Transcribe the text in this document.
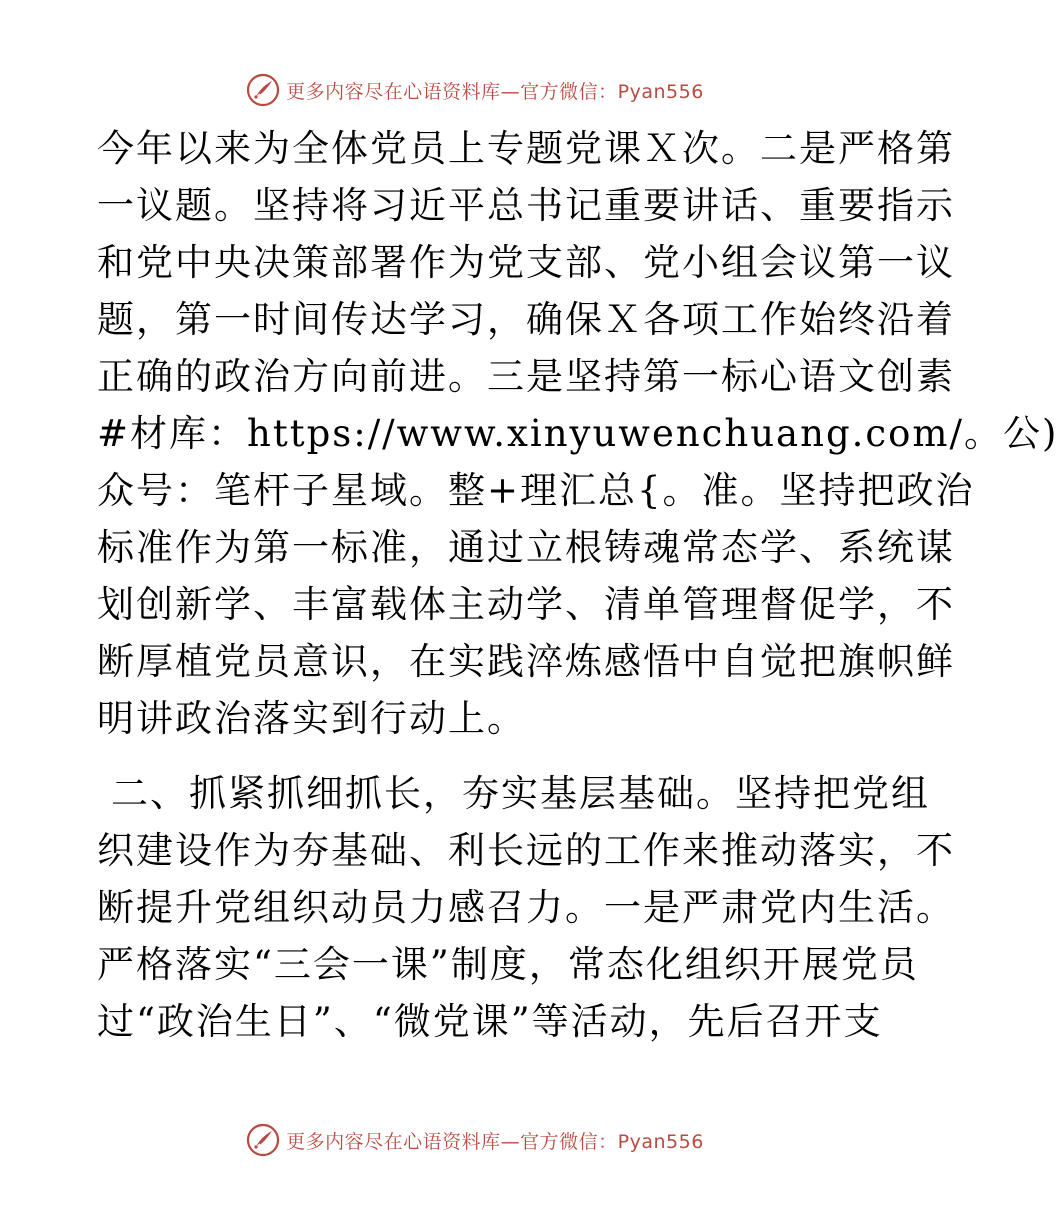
更多内容尽在心语资料库—官方微信：Pyan556
今年以来为全体党员上专题党课Ｘ次。二是严格第
一议题。坚持将习近平总书记重要讲话、重要指示
和党中央决策部署作为党支部、党小组会议第一议
题，第一时间传达学习，确保Ｘ各项工作始终沿着
正确的政治方向前进。三是坚持第一标心语文创素
#材库：https://www.xinyuwenchuang.com/。公)
众号：笔杆子星域。整+理汇总{。准。坚持把政治
标准作为第一标准，通过立根铸魂常态学、系统谋
划创新学、丰富载体主动学、清单管理督促学，不
断厚植党员意识，在实践淬炼感悟中自觉把旗帜鲜
明讲政治落实到行动上。
二、抓紧抓细抓长，夯实基层基础。坚持把党组
织建设作为夯基础、利长远的工作来推动落实，不
断提升党组织动员力感召力。一是严肃党内生活。
严格落实“三会一课”制度，常态化组织开展党员
过“政治生日”、“微党课”等活动，先后召开支
更多内容尽在心语资料库—官方微信：Pyan556
